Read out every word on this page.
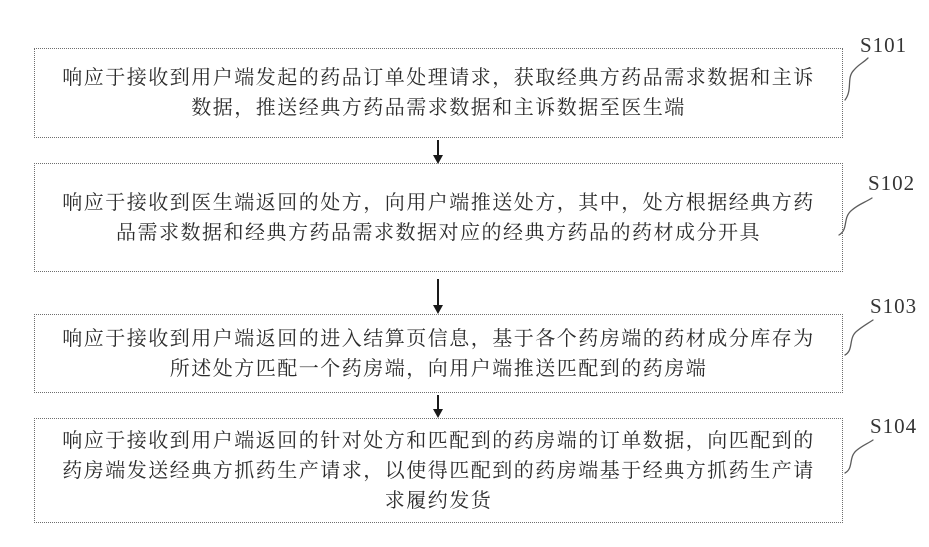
响应于接收到用户端发起的药品订单处理请求，获取经典方药品需求数据和主诉
数据，推送经典方药品需求数据和主诉数据至医生端
S101
响应于接收到医生端返回的处方，向用户端推送处方，其中，处方根据经典方药
品需求数据和经典方药品需求数据对应的经典方药品的药材成分开具
S102
响应于接收到用户端返回的进入结算页信息，基于各个药房端的药材成分库存为
所述处方匹配一个药房端，向用户端推送匹配到的药房端
S103
响应于接收到用户端返回的针对处方和匹配到的药房端的订单数据，向匹配到的
药房端发送经典方抓药生产请求，以使得匹配到的药房端基于经典方抓药生产请
求履约发货
S104
